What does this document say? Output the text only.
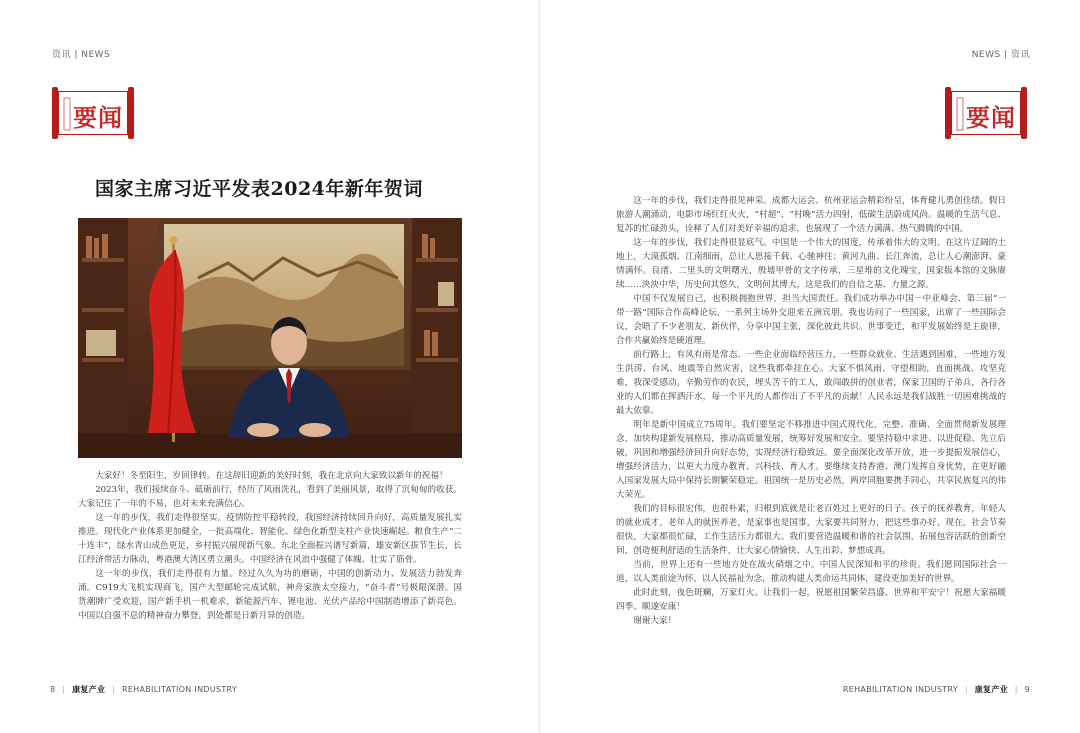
资讯 | NEWS	NEWS | 资讯
要闻	要闻
国家主席习近平发表2024年新年贺词

大家好！冬至阳生，岁回律转。在这辞旧迎新的美好时刻，我在北京向大家致以新年的祝福！

2023年，我们接续奋斗、砥砺前行，经历了风雨洗礼，看到了美丽风景，取得了沉甸甸的收获。大家记住了一年的不易，也对未来充满信心。

这一年的步伐，我们走得很坚实。疫情防控平稳转段，我国经济持续回升向好，高质量发展扎实推进。现代化产业体系更加健全，一批高端化、智能化、绿色化新型支柱产业快速崛起。粮食生产“二十连丰”，绿水青山成色更足，乡村振兴展现新气象。东北全面振兴谱写新篇，雄安新区拔节生长，长江经济带活力脉动，粤港澳大湾区勇立潮头。中国经济在风浪中强健了体魄、壮实了筋骨。

这一年的步伐，我们走得很有力量。经过久久为功的磨砺，中国的创新动力、发展活力勃发奔涌。C919大飞机实现商飞，国产大型邮轮完成试航，神舟家族太空接力，“奋斗者”号极限深潜。国货潮牌广受欢迎，国产新手机一机难求，新能源汽车、锂电池、光伏产品给中国制造增添了新亮色。中国以自强不息的精神奋力攀登，到处都是日新月异的创造。

这一年的步伐，我们走得很见神采。成都大运会、杭州亚运会精彩纷呈，体育健儿勇创佳绩。假日旅游人潮涌动，电影市场红红火火，“村超”、“村晚”活力四射，低碳生活蔚成风尚。温暖的生活气息、复苏的忙碌劲头，诠释了人们对美好幸福的追求，也展现了一个活力满满、热气腾腾的中国。

这一年的步伐，我们走得很显底气。中国是一个伟大的国度，传承着伟大的文明。在这片辽阔的土地上，大漠孤烟、江南细雨，总让人思接千载、心驰神往；黄河九曲、长江奔流，总让人心潮澎湃、豪情满怀。良渚、二里头的文明曙光，殷墟甲骨的文字传承，三星堆的文化瑰宝，国家版本馆的文脉赓续……泱泱中华，历史何其悠久，文明何其博大，这是我们的自信之基、力量之源。

中国不仅发展自己，也积极拥抱世界，担当大国责任。我们成功举办中国－中亚峰会、第三届“一带一路”国际合作高峰论坛，一系列主场外交迎来五洲宾朋。我也访问了一些国家，出席了一些国际会议，会晤了不少老朋友、新伙伴，分享中国主张，深化彼此共识。世事变迁，和平发展始终是主旋律，合作共赢始终是硬道理。

前行路上，有风有雨是常态。一些企业面临经营压力，一些群众就业、生活遇到困难，一些地方发生洪涝、台风、地震等自然灾害，这些我都牵挂在心。大家不惧风雨、守望相助，直面挑战、攻坚克难，我深受感动。辛勤劳作的农民，埋头苦干的工人，敢闯敢拼的创业者，保家卫国的子弟兵，各行各业的人们都在挥洒汗水，每一个平凡的人都作出了不平凡的贡献！人民永远是我们战胜一切困难挑战的最大依靠。

明年是新中国成立75周年。我们要坚定不移推进中国式现代化，完整、准确、全面贯彻新发展理念，加快构建新发展格局，推动高质量发展，统筹好发展和安全。要坚持稳中求进、以进促稳、先立后破，巩固和增强经济回升向好态势，实现经济行稳致远。要全面深化改革开放，进一步提振发展信心，增强经济活力，以更大力度办教育、兴科技、育人才。要继续支持香港、澳门发挥自身优势，在更好融入国家发展大局中保持长期繁荣稳定。祖国统一是历史必然，两岸同胞要携手同心，共享民族复兴的伟大荣光。

我们的目标很宏伟，也很朴素，归根到底就是让老百姓过上更好的日子。孩子的抚养教育，年轻人的就业成才，老年人的就医养老，是家事也是国事，大家要共同努力，把这些事办好。现在，社会节奏很快，大家都很忙碌，工作生活压力都很大。我们要营造温暖和谐的社会氛围，拓展包容活跃的创新空间，创造便利舒适的生活条件，让大家心情愉快、人生出彩、梦想成真。

当前，世界上还有一些地方处在战火硝烟之中。中国人民深知和平的珍贵。我们愿同国际社会一道，以人类前途为怀、以人民福祉为念，推动构建人类命运共同体，建设更加美好的世界。

此时此刻，夜色斑斓，万家灯火。让我们一起，祝愿祖国繁荣昌盛、世界和平安宁！祝愿大家福暖四季、顺遂安康！

谢谢大家！

8 | 康复产业 | REHABILITATION INDUSTRY	REHABILITATION INDUSTRY | 康复产业 | 9
